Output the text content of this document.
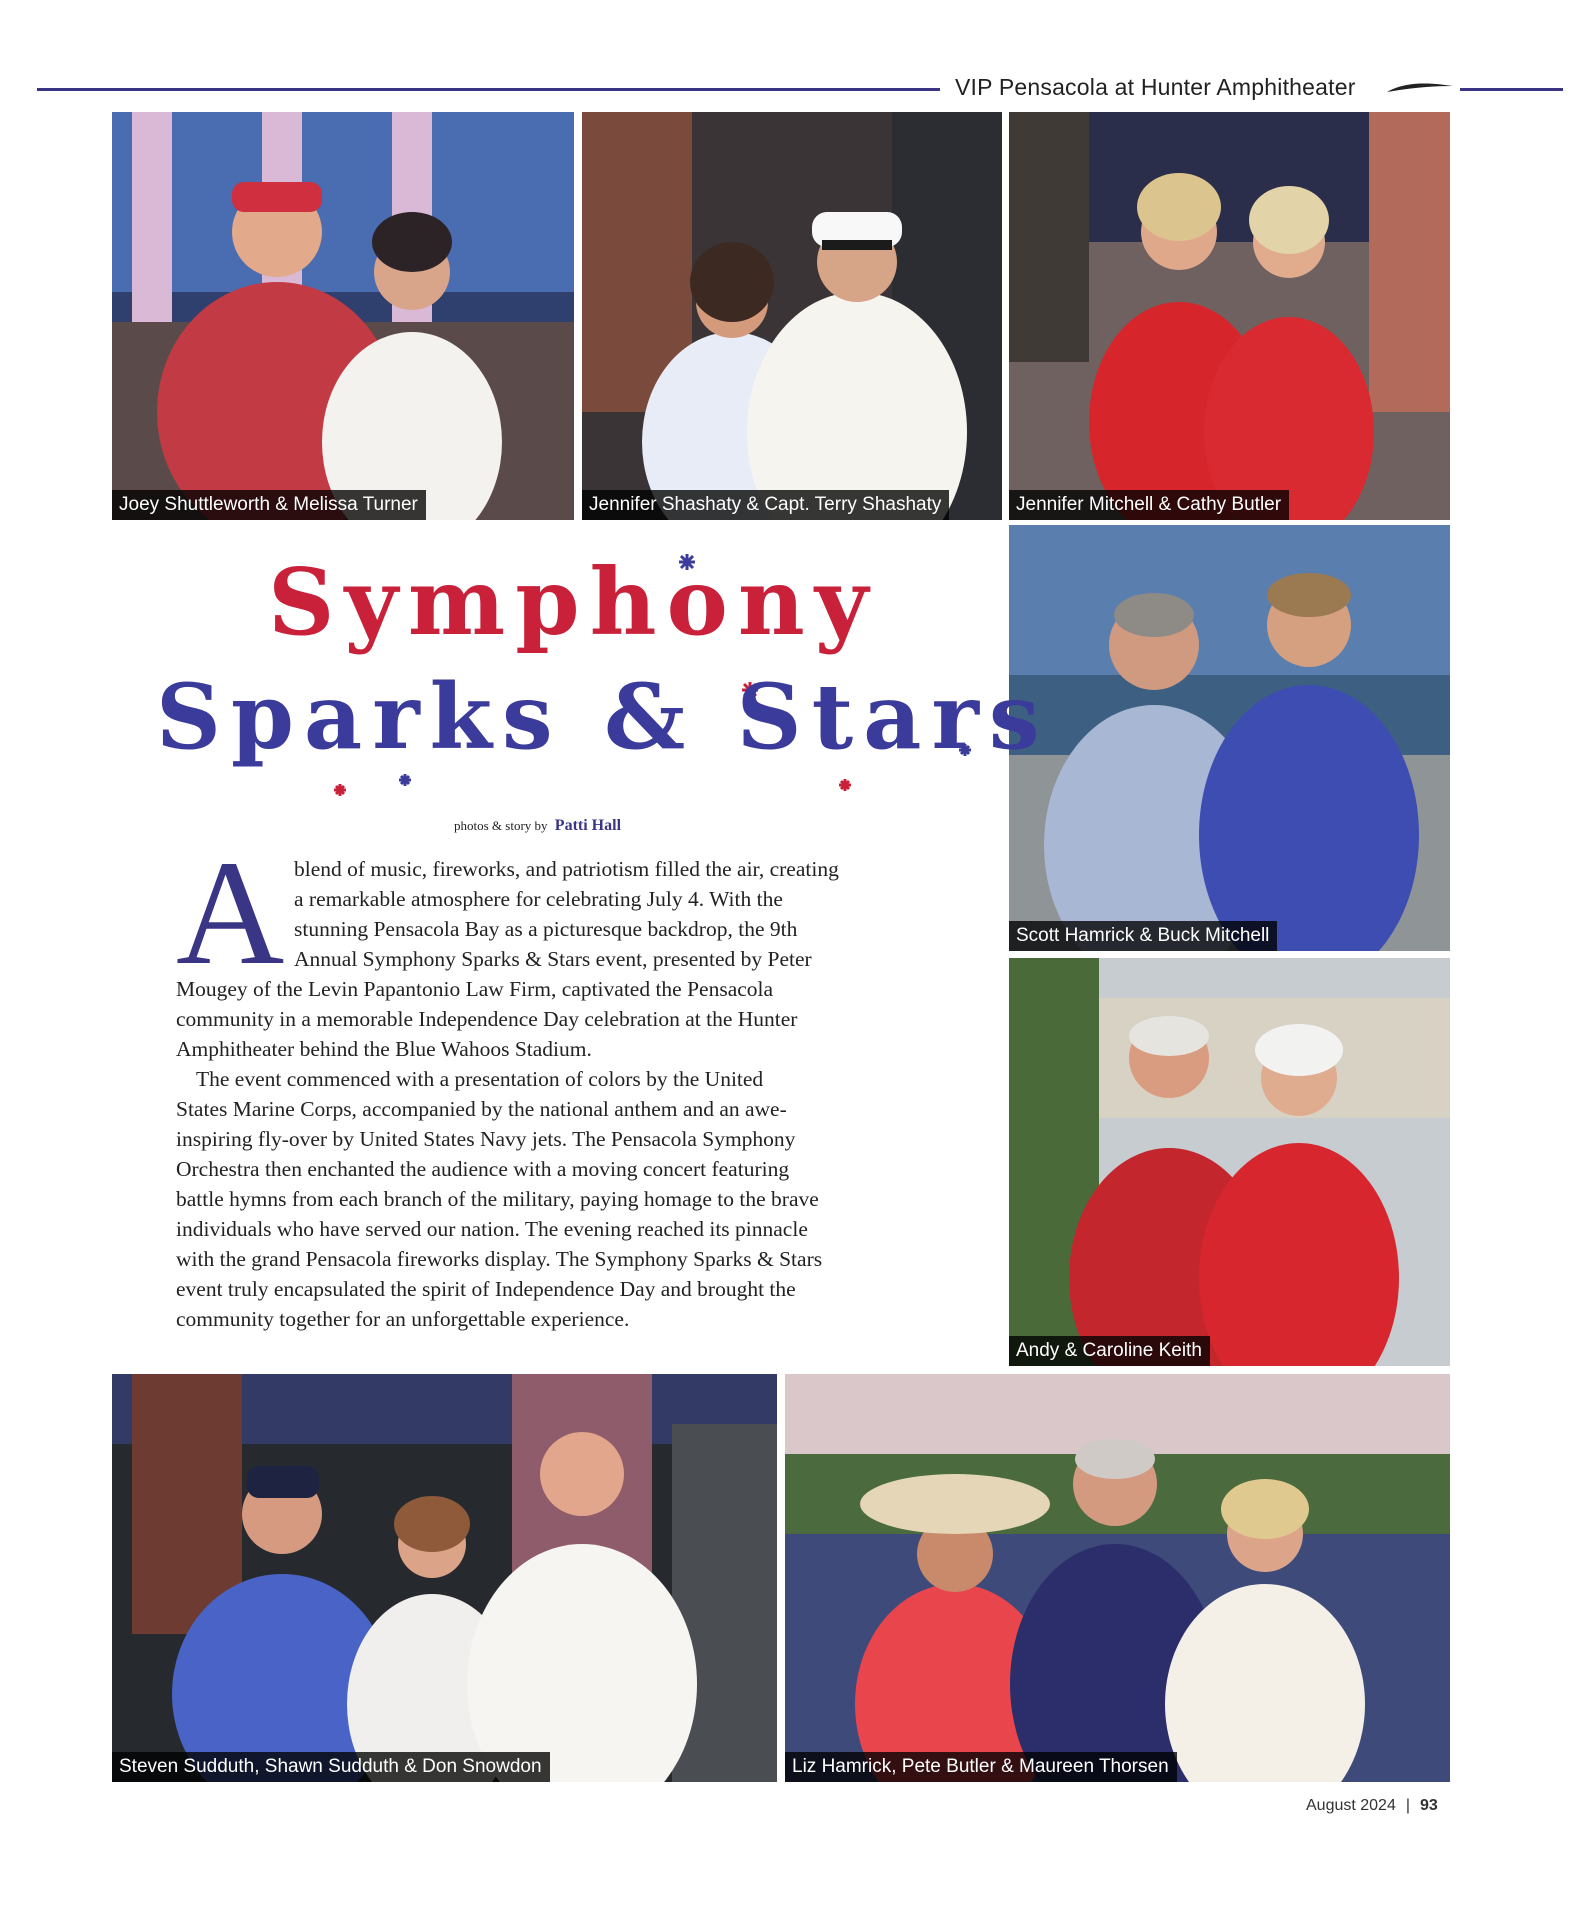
VIP Pensacola at Hunter Amphitheater
Joey Shuttleworth & Melissa Turner	Jennifer Shashaty & Capt. Terry Shashaty	Jennifer Mitchell & Cathy Butler
Scott Hamrick & Buck Mitchell
Andy & Caroline Keith
Steven Sudduth, Shawn Sudduth & Don Snowdon	Liz Hamrick, Pete Butler & Maureen Thorsen
Symphony
Sparks & Stars
photos & story by Patti Hall
A blend of music, fireworks, and patriotism filled the air, creating
a remarkable atmosphere for celebrating July 4. With the
stunning Pensacola Bay as a picturesque backdrop, the 9th
Annual Symphony Sparks & Stars event, presented by Peter
Mougey of the Levin Papantonio Law Firm, captivated the Pensacola
community in a memorable Independence Day celebration at the Hunter
Amphitheater behind the Blue Wahoos Stadium.
The event commenced with a presentation of colors by the United
States Marine Corps, accompanied by the national anthem and an awe-
inspiring fly-over by United States Navy jets. The Pensacola Symphony
Orchestra then enchanted the audience with a moving concert featuring
battle hymns from each branch of the military, paying homage to the brave
individuals who have served our nation. The evening reached its pinnacle
with the grand Pensacola fireworks display. The Symphony Sparks & Stars
event truly encapsulated the spirit of Independence Day and brought the
community together for an unforgettable experience.
August 2024 | 93
